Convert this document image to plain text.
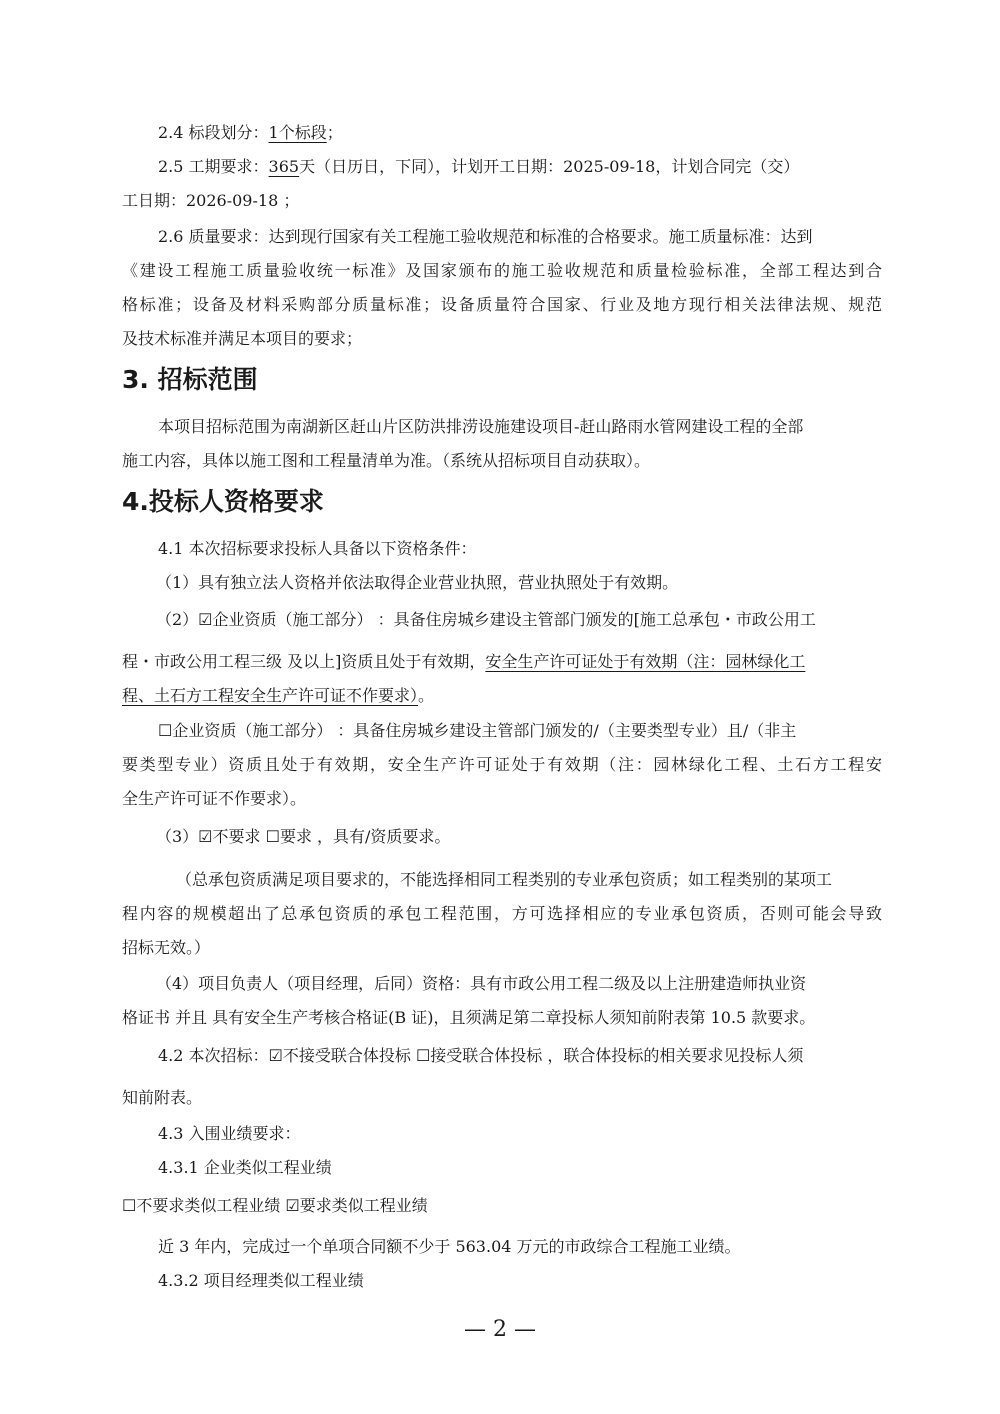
2.4 标段划分：1个标段；
2.5 工期要求：365天（日历日，下同），计划开工日期：2025-09-18，计划合同完（交）
工日期：2026-09-18 ；
2.6 质量要求：达到现行国家有关工程施工验收规范和标准的合格要求。施工质量标准：达到
《建设工程施工质量验收统一标准》及国家颁布的施工验收规范和质量检验标准，全部工程达到合
格标准；设备及材料采购部分质量标准；设备质量符合国家、行业及地方现行相关法律法规、规范
及技术标准并满足本项目的要求；
3. 招标范围
本项目招标范围为南湖新区赶山片区防洪排涝设施建设项目-赶山路雨水管网建设工程的全部
施工内容，具体以施工图和工程量清单为准。（系统从招标项目自动获取）。
4.投标人资格要求
4.1 本次招标要求投标人具备以下资格条件：
（1）具有独立法人资格并依法取得企业营业执照，营业执照处于有效期。
（2）☑企业资质（施工部分） ：具备住房城乡建设主管部门颁发的[施工总承包・市政公用工
程・市政公用工程三级 及以上]资质且处于有效期，安全生产许可证处于有效期（注：园林绿化工
程、土石方工程安全生产许可证不作要求）。
☐企业资质（施工部分） ：具备住房城乡建设主管部门颁发的/（主要类型专业）且/（非主
要类型专业）资质且处于有效期，安全生产许可证处于有效期（注：园林绿化工程、土石方工程安
全生产许可证不作要求）。
（3）☑不要求 ☐要求 ，具有/资质要求。
（总承包资质满足项目要求的，不能选择相同工程类别的专业承包资质；如工程类别的某项工
程内容的规模超出了总承包资质的承包工程范围，方可选择相应的专业承包资质，否则可能会导致
招标无效。）
（4）项目负责人（项目经理，后同）资格：具有市政公用工程二级及以上注册建造师执业资
格证书 并且 具有安全生产考核合格证(B 证)，且须满足第二章投标人须知前附表第 10.5 款要求。
4.2 本次招标：☑不接受联合体投标 ☐接受联合体投标 ，联合体投标的相关要求见投标人须
知前附表。
4.3 入围业绩要求：
4.3.1 企业类似工程业绩
☐不要求类似工程业绩 ☑要求类似工程业绩
近 3 年内，完成过一个单项合同额不少于 563.04 万元的市政综合工程施工业绩。
4.3.2 项目经理类似工程业绩
— 2 —
